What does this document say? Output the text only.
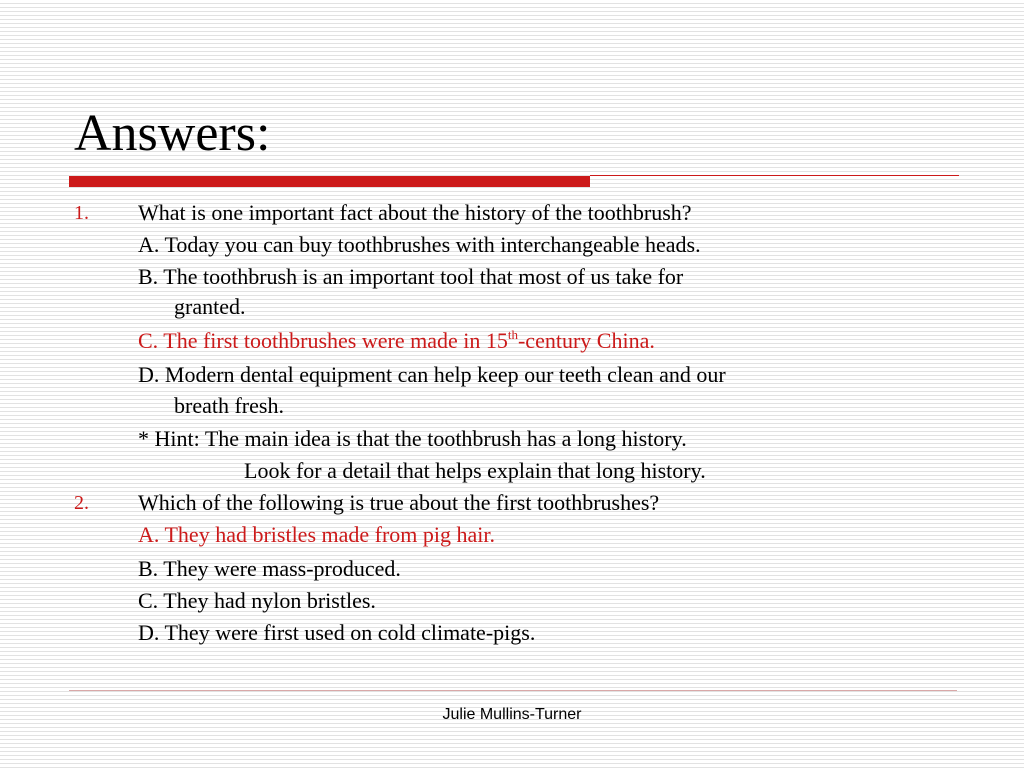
Answers:
1. What is one important fact about the history of the toothbrush?
A. Today you can buy toothbrushes with interchangeable heads.
B. The toothbrush is an important tool that most of us take for
granted.
C. The first toothbrushes were made in 15th-century China.
D. Modern dental equipment can help keep our teeth clean and our
breath fresh.
* Hint: The main idea is that the toothbrush has a long history.
Look for a detail that helps explain that long history.
2. Which of the following is true about the first toothbrushes?
A. They had bristles made from pig hair.
B. They were mass-produced.
C. They had nylon bristles.
D. They were first used on cold climate-pigs.
Julie Mullins-Turner
